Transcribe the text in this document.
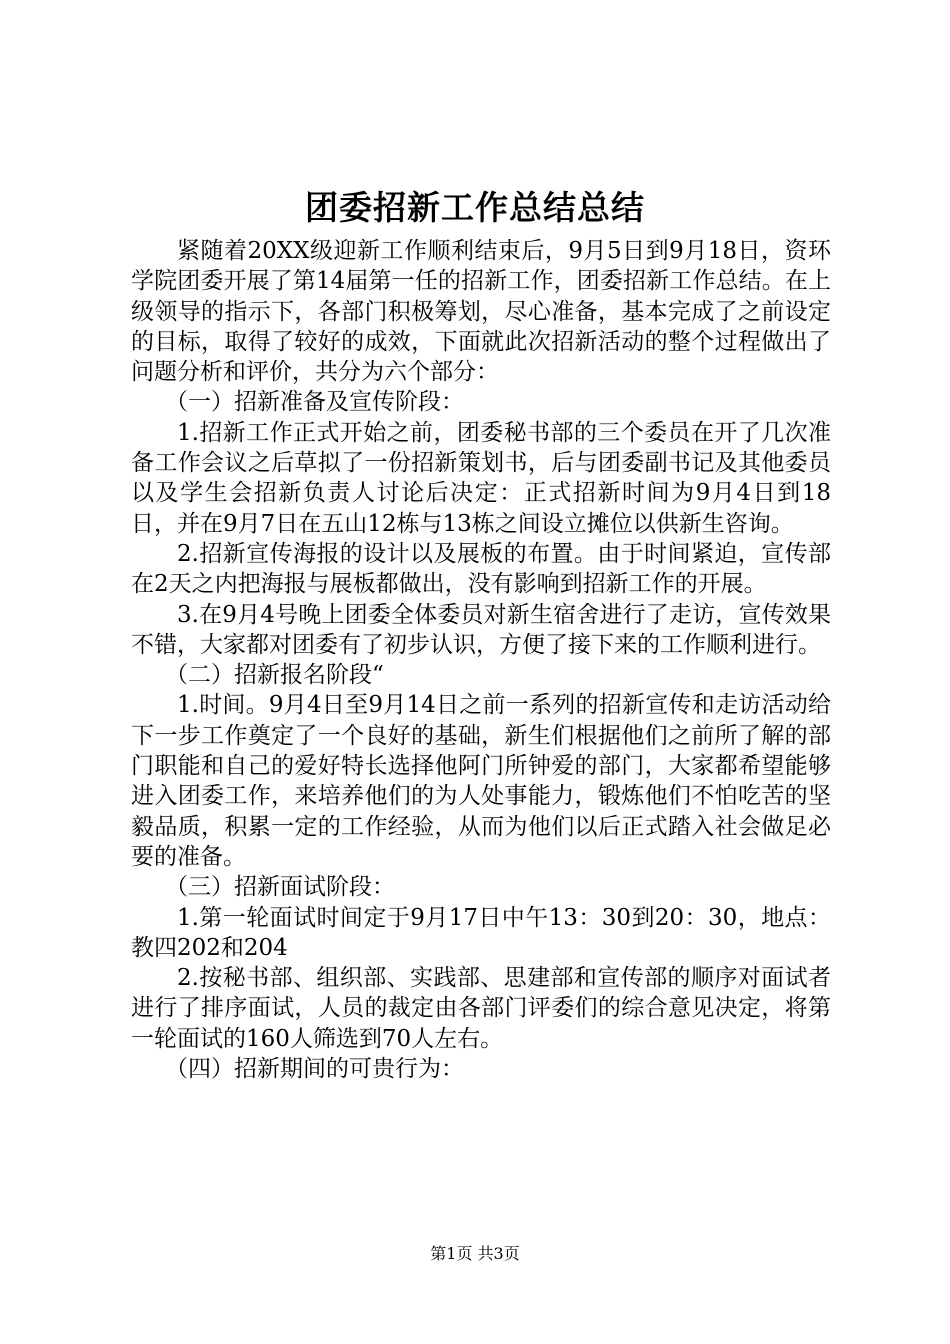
团委招新工作总结总结

紧随着20XX级迎新工作顺利结束后，9月5日到9月18日，资环学院团委开展了第14届第一任的招新工作，团委招新工作总结。在上级领导的指示下，各部门积极筹划，尽心准备，基本完成了之前设定的目标，取得了较好的成效，下面就此次招新活动的整个过程做出了问题分析和评价，共分为六个部分：

（一）招新准备及宣传阶段：

1.招新工作正式开始之前，团委秘书部的三个委员在开了几次准备工作会议之后草拟了一份招新策划书，后与团委副书记及其他委员以及学生会招新负责人讨论后决定：正式招新时间为9月4日到18日，并在9月7日在五山12栋与13栋之间设立摊位以供新生咨询。

2.招新宣传海报的设计以及展板的布置。由于时间紧迫，宣传部在2天之内把海报与展板都做出，没有影响到招新工作的开展。

3.在9月4号晚上团委全体委员对新生宿舍进行了走访，宣传效果不错，大家都对团委有了初步认识，方便了接下来的工作顺利进行。

（二）招新报名阶段“

1.时间。9月4日至9月14日之前一系列的招新宣传和走访活动给下一步工作奠定了一个良好的基础，新生们根据他们之前所了解的部门职能和自己的爱好特长选择他阿门所钟爱的部门，大家都希望能够进入团委工作，来培养他们的为人处事能力，锻炼他们不怕吃苦的坚毅品质，积累一定的工作经验，从而为他们以后正式踏入社会做足必要的准备。

（三）招新面试阶段：

1.第一轮面试时间定于9月17日中午13：30到20：30，地点：教四202和204

2.按秘书部、组织部、实践部、思建部和宣传部的顺序对面试者进行了排序面试，人员的裁定由各部门评委们的综合意见决定，将第一轮面试的160人筛选到70人左右。

（四）招新期间的可贵行为：

第1页 共3页
